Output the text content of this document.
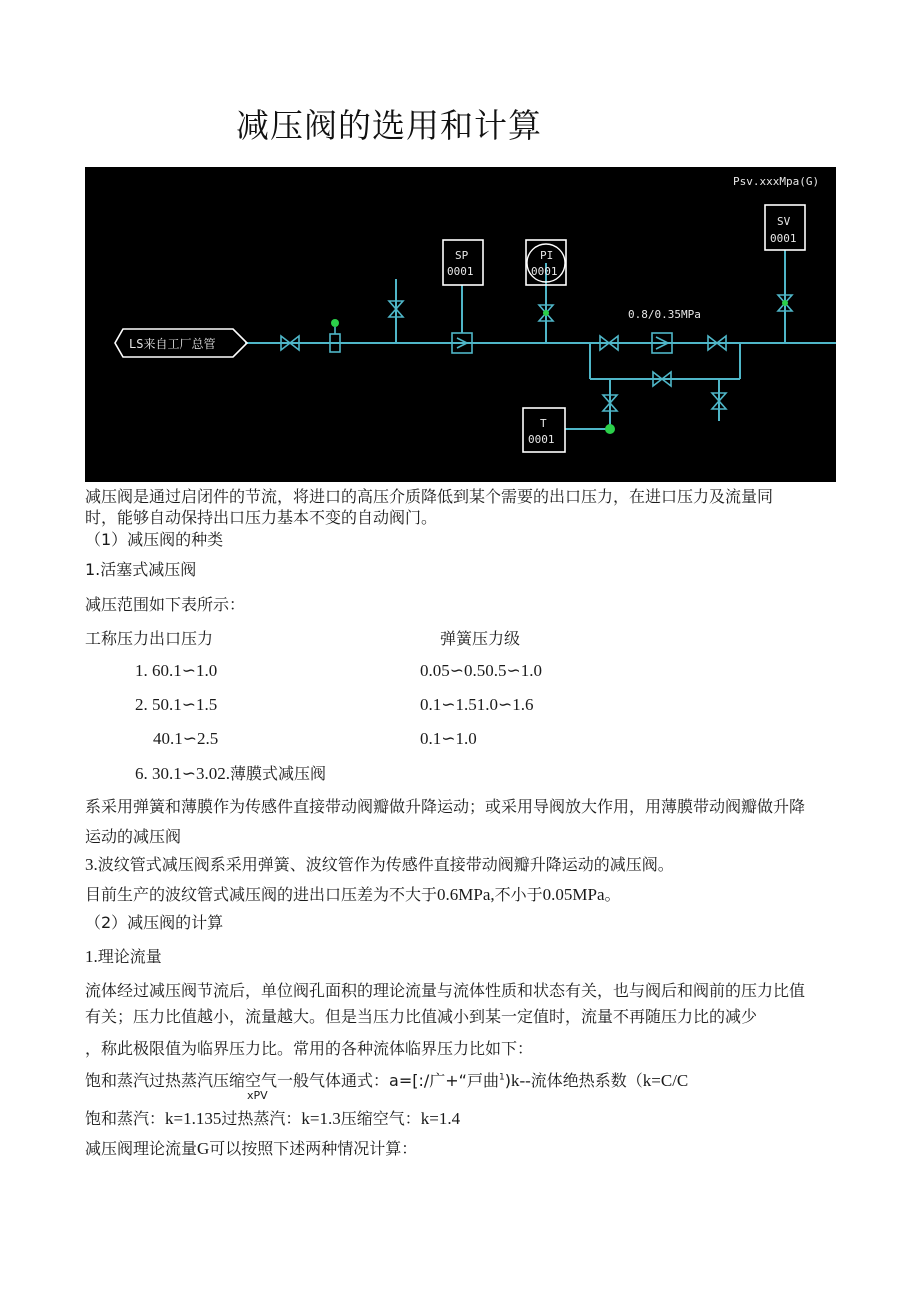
减压阀的选用和计算
Psv.xxxMpa(G)
LS来自工厂总管
SP
0001
PI
0001
SV
0001
T
0001
0.8/0.35MPa
减压阀是通过启闭件的节流，将进口的高压介质降低到某个需要的出口压力，在进口压力及流量同
时，能够自动保持出口压力基本不变的自动阀门。
（1）减压阀的种类
1.活塞式减压阀
减压范围如下表所示：
工称压力出口压力	弹簧压力级
1. 60.1∽1.0	0.05∽0.50.5∽1.0
2. 50.1∽1.5	0.1∽1.51.0∽1.6
40.1∽2.5	0.1∽1.0
6. 30.1∽3.02.薄膜式减压阀
系采用弹簧和薄膜作为传感件直接带动阀瓣做升降运动；或采用导阀放大作用，用薄膜带动阀瓣做升降
运动的减压阀
3.波纹管式减压阀系采用弹簧、波纹管作为传感件直接带动阀瓣升降运动的减压阀。
目前生产的波纹管式减压阀的进出口压差为不大于0.6MPa,不小于0.05MPa。
（2）减压阀的计算
1.理论流量
流体经过减压阀节流后，单位阀孔面积的理论流量与流体性质和状态有关，也与阀后和阀前的压力比值
有关；压力比值越小，流量越大。但是当压力比值减小到某一定值时，流量不再随压力比的减少
，称此极限值为临界压力比。常用的各种流体临界压力比如下：
饱和蒸汽过热蒸汽压缩空气一般气体通式：a=[:/广+“戸曲$^1$)k--流体绝热系数（k=C/C
xPV
饱和蒸汽：k=1.135过热蒸汽：k=1.3压缩空气：k=1.4
减压阀理论流量G可以按照下述两种情况计算：
